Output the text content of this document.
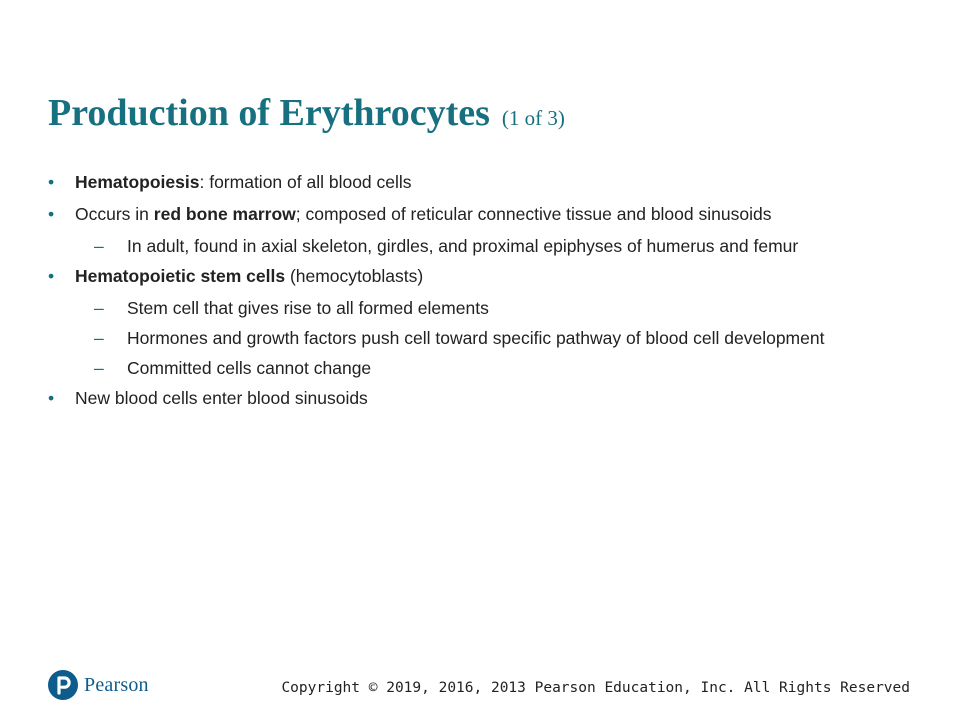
Production of Erythrocytes (1 of 3)
• Hematopoiesis: formation of all blood cells
• Occurs in red bone marrow; composed of reticular connective tissue and blood sinusoids
– In adult, found in axial skeleton, girdles, and proximal epiphyses of humerus and femur
• Hematopoietic stem cells (hemocytoblasts)
– Stem cell that gives rise to all formed elements
– Hormones and growth factors push cell toward specific pathway of blood cell development
– Committed cells cannot change
• New blood cells enter blood sinusoids
Pearson	Copyright © 2019, 2016, 2013 Pearson Education, Inc. All Rights Reserved
